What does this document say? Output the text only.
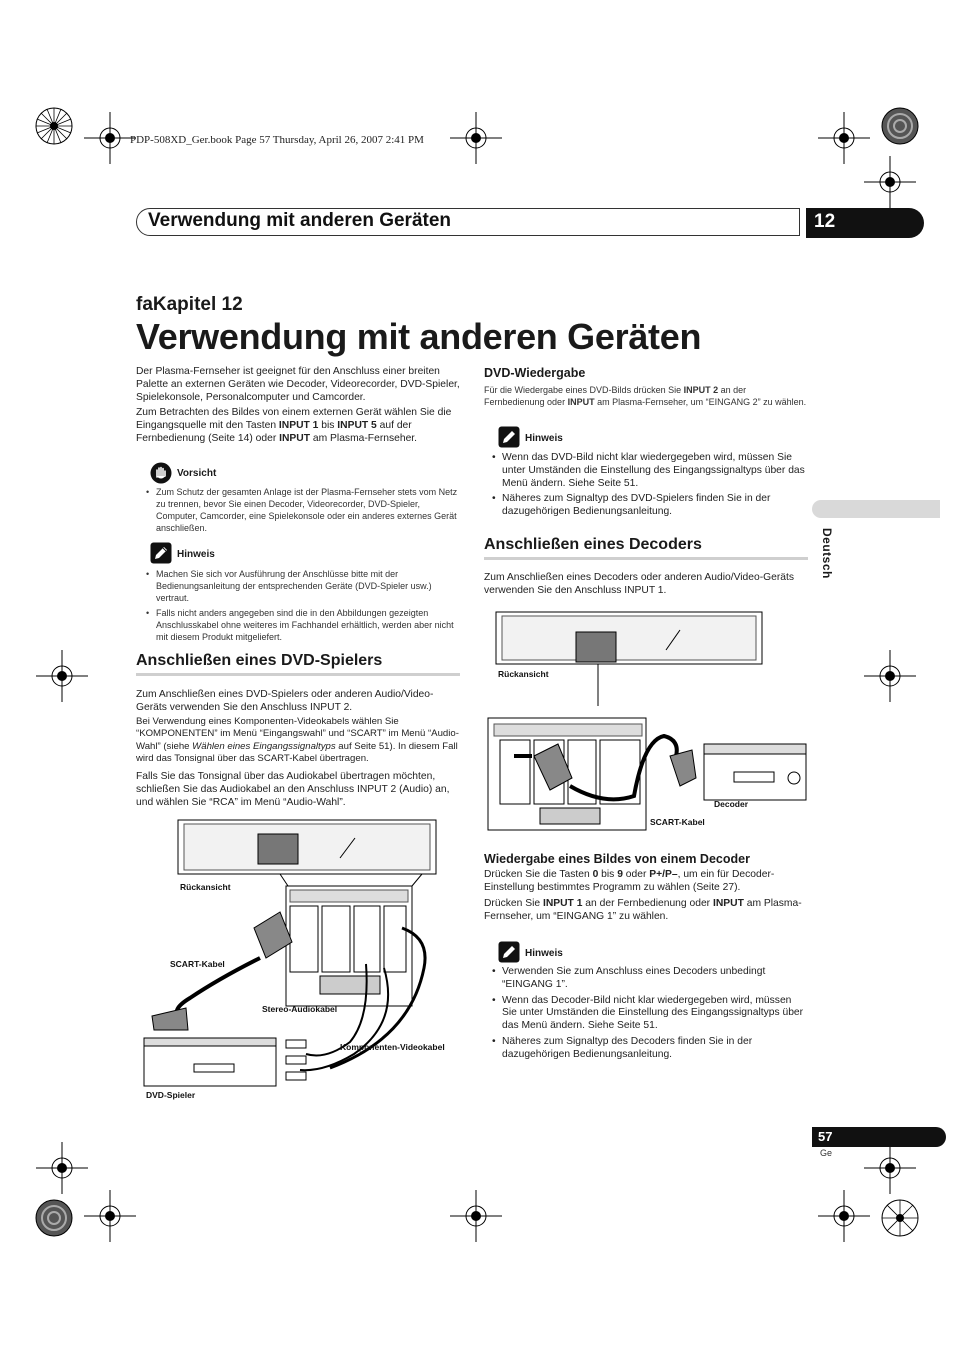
PDP-508XD_Ger.book Page 57 Thursday, April 26, 2007 2:41 PM
Verwendung mit anderen Geräten	12
faKapitel 12
Verwendung mit anderen Geräten
Deutsch
Der Plasma-Fernseher ist geeignet für den Anschluss einer breiten Palette an externen Geräten wie Decoder, Videorecorder, DVD-Spieler, Spielekonsole, Personalcomputer und Camcorder.
Zum Betrachten des Bildes von einem externen Gerät wählen Sie die Eingangsquelle mit den Tasten INPUT 1 bis INPUT 5 auf der Fernbedienung (Seite 14) oder INPUT am Plasma-Fernseher.
Vorsicht
• Zum Schutz der gesamten Anlage ist der Plasma-Fernseher stets vom Netz zu trennen, bevor Sie einen Decoder, Videorecorder, DVD-Spieler, Computer, Camcorder, eine Spielekonsole oder ein anderes externes Gerät anschließen.
Hinweis
• Machen Sie sich vor Ausführung der Anschlüsse bitte mit der Bedienungsanleitung der entsprechenden Geräte (DVD-Spieler usw.) vertraut.
• Falls nicht anders angegeben sind die in den Abbildungen gezeigten Anschlusskabel ohne weiteres im Fachhandel erhältlich, werden aber nicht mit diesem Produkt mitgeliefert.
Anschließen eines DVD-Spielers
Zum Anschließen eines DVD-Spielers oder anderen Audio/Video-Geräts verwenden Sie den Anschluss INPUT 2.
Bei Verwendung eines Komponenten-Videokabels wählen Sie “KOMPONENTEN” im Menü “Eingangswahl” und “SCART” im Menü “Audio-Wahl” (siehe Wählen eines Eingangssignaltyps auf Seite 51). In diesem Fall wird das Tonsignal über das SCART-Kabel übertragen.
Falls Sie das Tonsignal über das Audiokabel übertragen möchten, schließen Sie das Audiokabel an den Anschluss INPUT 2 (Audio) an, und wählen Sie “RCA” im Menü “Audio-Wahl”.
Rückansicht
SCART-Kabel
Stereo-Audiokabel
Komponenten-Videokabel
DVD-Spieler
DVD-Wiedergabe
Für die Wiedergabe eines DVD-Bilds drücken Sie INPUT 2 an der Fernbedienung oder INPUT am Plasma-Fernseher, um “EINGANG 2” zu wählen.
Hinweis
• Wenn das DVD-Bild nicht klar wiedergegeben wird, müssen Sie unter Umständen die Einstellung des Eingangssignaltyps über das Menü ändern. Siehe Seite 51.
• Näheres zum Signaltyp des DVD-Spielers finden Sie in der dazugehörigen Bedienungsanleitung.
Anschließen eines Decoders
Zum Anschließen eines Decoders oder anderen Audio/Video-Geräts verwenden Sie den Anschluss INPUT 1.
Rückansicht
Decoder
SCART-Kabel
Wiedergabe eines Bildes von einem Decoder
Drücken Sie die Tasten 0 bis 9 oder P+/P–, um ein für Decoder-Einstellung bestimmtes Programm zu wählen (Seite 27).
Drücken Sie INPUT 1 an der Fernbedienung oder INPUT am Plasma-Fernseher, um “EINGANG 1” zu wählen.
Hinweis
• Verwenden Sie zum Anschluss eines Decoders unbedingt “EINGANG 1”.
• Wenn das Decoder-Bild nicht klar wiedergegeben wird, müssen Sie unter Umständen die Einstellung des Eingangssignaltyps über das Menü ändern. Siehe Seite 51.
• Näheres zum Signaltyp des Decoders finden Sie in der dazugehörigen Bedienungsanleitung.
57
Ge
